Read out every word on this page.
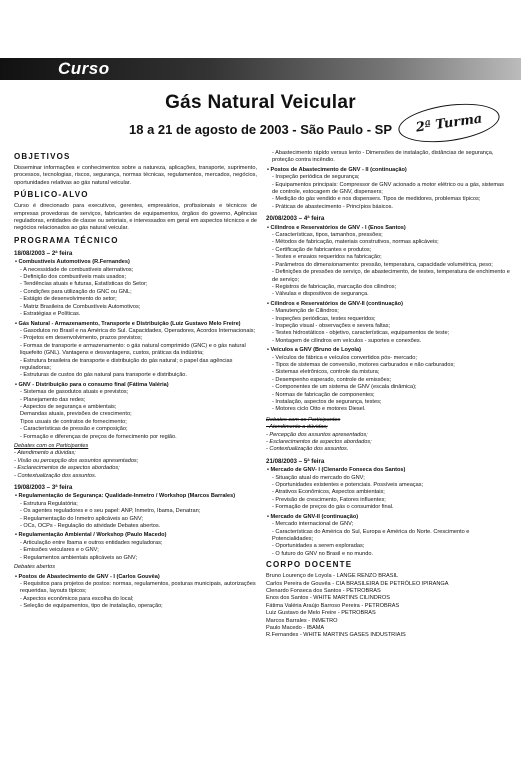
Curso
Gás Natural Veicular
18 a 21 de agosto de 2003 - São Paulo - SP	2ª Turma
OBJETIVOS
Disseminar informações e conhecimentos sobre a natureza, aplicações, transporte, suprimento, processos, tecnologias, riscos, segurança, normas técnicas, regulamentos, mercados, negócios, oportunidades relativas ao gás natural veicular.
PÚBLICO-ALVO
Curso é direcionado para executivos, gerentes, empresários, profissionais e técnicos de empresas provedoras de serviços, fabricantes de equipamentos, órgãos do governo, Agências reguladoras, entidades de classe ou setoriais, e interessados em geral em aspectos técnicos e de negócios relacionados ao gás natural veicular.
PROGRAMA TÉCNICO
18/08/2003 – 2ª feira
• Combustíveis Automotivos (R.Fernandes)
- A necessidade de combustíveis alternativos;
- Definição dos combustíveis mais usados;
- Tendências atuais e futuras, Estatísticas do Setor;
- Condições para utilização do GNC ou GNL;
- Estágio de desenvolvimento do setor;
- Matriz Brasileira de Combustíveis Automotivos;
- Estratégias e Políticas.
• Gás Natural - Armazenamento, Transporte e Distribuição (Luiz Gustavo Melo Freire)
- Gasodutos no Brasil e na América do Sul. Capacidades, Operadores, Acordos Internacionais;
- Projetos em desenvolvimento, prazos previstos;
- Formas de transporte e armazenamento: o gás natural comprimido (GNC) e o gás natural liquefeito (GNL). Vantagens e desvantagens, custos, práticas da indústria;
- Estrutura brasileira de transporte e distribuição do gás natural; o papel das agências reguladoras;
- Estruturas de custos do gás natural para transporte e distribuição.
• GNV - Distribuição para o consumo final (Fátima Valéria)
- Sistemas de gasodutos atuais e previstos;
- Planejamento das redes;
- Aspectos de segurança e ambientais;
Demandas atuais, previsões de crescimento;
Tipos usuais de contratos de fornecimento;
- Características de pressão e composição;
- Formação e diferenças de preços de fornecimento por região.
Debates com os Participantes
- Atendimento a dúvidas;
- Visão ou percepção dos assuntos apresentados;
- Esclarecimentos de aspectos abordados;
- Contextualização dos assuntos.
19/08/2003 – 3ª feira
• Regulamentação de Segurança: Qualidade-Inmetro / Workshop (Marcos Barrales)
- Estrutura Regulatória;
- Os agentes reguladores e o seu papel: ANP, Inmetro, Ibama, Denatran;
- Regulamentação do Inmetro aplicáveis ao GNV;
- OCs, OCPs - Regulação do atividade Debates abertos.
• Regulamentação Ambiental / Workshop (Paulo Macedo)
- Articulação entre Ibama e outros entidades reguladoras;
- Emissões veiculares e o GNV;
- Regulamentos ambientais aplicáveis ao GNV;
Debates abertos
• Postos de Abastecimento de GNV - I (Carlos Gouvêa)
- Requisitos para projetos de postos: normas, regulamentos, posturas municipais, autorizações requeridas, layouts típicos;
- Aspectos econômicos para escolha do local;
- Seleção de equipamentos, tipo de instalação, operação;
- Abastecimento rápido versus lento - Dimensões de instalação, distâncias de segurança, proteção contra incêndio.
• Postos de Abastecimento de GNV - II (continuação)
- Inspeção periódica de segurança;
- Equipamentos principais: Compressor de GNV acionado a motor elétrico ou a gás, sistemas de controle, estocagem de GNV, dispensers;
- Medição do gás vendido e nos dispensers. Tipos de medidores, problemas típicos;
- Práticas de abastecimento - Princípios básicos.
20/08/2003 – 4ª feira
• Cilindros e Reservatórios de GNV - I (Enos Santos)
- Características, tipos, tamanhos, pressões;
- Métodos de fabricação, materiais construtivos, normas aplicáveis;
- Certificação de fabricantes e produtos;
- Testes e ensaios requeridos na fabricação;
- Parâmetros do dimensionamento: pressão, temperatura, capacidade volumétrica, peso;
- Definições de pressões de serviço, de abastecimento, de testes, temperatura de enchimento e de serviço;
- Registros de fabricação, marcação dos cilindros;
- Válvulas e dispositivos de segurança.
• Cilindros e Reservatórios de GNV-II (continuação)
- Manutenção de Cilindros;
- Inspeções periódicas, testes requeridos;
- Inspeção visual - observações e severa faltas;
- Testes hidrostáticos - objetivo, características, equipamentos de teste;
- Montagem de cilindros em veículos - suportes e conexões.
• Veículos a GNV (Bruno de Loyola)
- Veículos de fábrica e veículos convertidos pós- mercado;
- Tipos de sistemas de conversão, motores carburados e não carburados;
- Sistemas eletrônicos, controle da mistura;
- Desempenho esperado, controle de emissões;
- Componentes de um sistema de GNV (escala dinâmica);
- Normas de fabricação de componentes;
- Instalação, aspectos de segurança, testes;
- Motores ciclo Otto e motores Diesel.
Debates com os Participantes
- Atendimento a dúvidas;
- Percepção dos assuntos apresentados;
- Esclarecimentos de aspectos abordados;
- Contextualização dos assuntos.
21/08/2003 – 5ª feira
• Mercado de GNV- I (Clenardo Fonseca dos Santos)
- Situação atual do mercado do GNV;
- Oportunidades existentes e potenciais. Possíveis ameaças;
- Atrativos Econômicos, Aspectos ambientais;
- Previsão de crescimento, Fatores influentes;
- Formação de preços do gás o consumidor final.
• Mercado de GNV-II (continuação)
- Mercado internacional de GNV;
- Características do América do Sul, Europa e América do Norte. Crescimento e Potencialidades;
- Oportunidades a serem exploradas;
- O futuro do GNV no Brasil e no mundo.
CORPO DOCENTE
Bruno Lourenço de Loyola - LANGE RENZO BRASIL
Carlos Pereira de Gouvêa - CIA BRASILEIRA DE PETRÓLEO IPIRANGA
Clenardo Fonseca dos Santos - PETROBRAS
Enos dos Santos - WHITE MARTINS CILINDROS
Fátima Valéria Araújo Barroso Pereira - PETROBRAS
Luiz Gustavo de Melo Freire - PETROBRAS
Marcos Barrales - INMETRO
Paulo Macedo - IBAMA
R.Fernandes - WHITE MARTINS GASES INDUSTRIAIS
